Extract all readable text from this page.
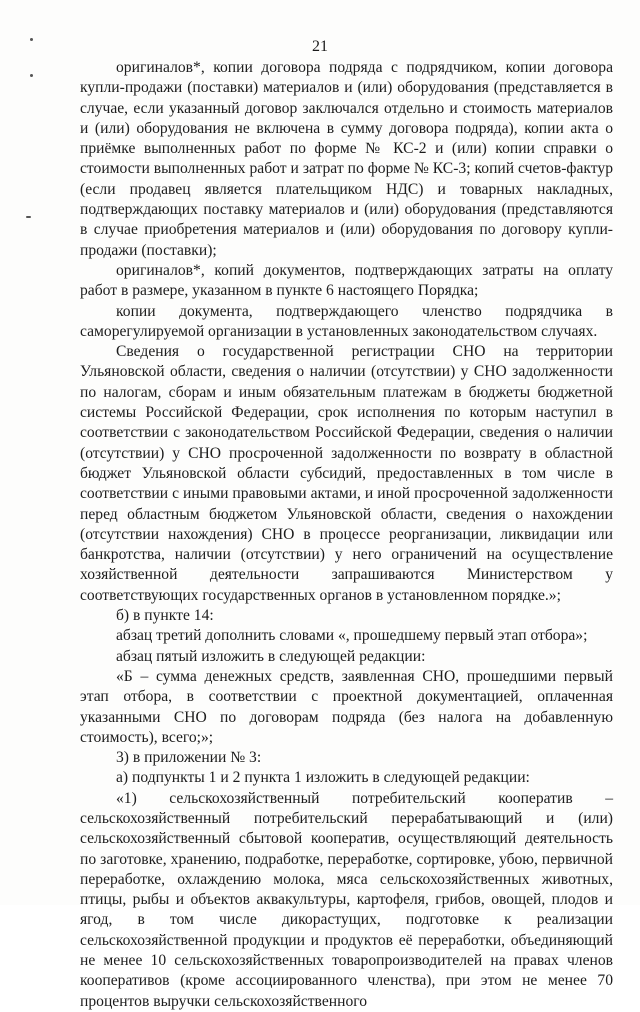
21

оригиналов*, копии договора подряда с подрядчиком, копии договора купли-продажи (поставки) материалов и (или) оборудования (представляется в случае, если указанный договор заключался отдельно и стоимость материалов и (или) оборудования не включена в сумму договора подряда), копии акта о приёмке выполненных работ по форме № КС-2 и (или) копии справки о стоимости выполненных работ и затрат по форме № КС-3; копий счетов-фактур (если продавец является плательщиком НДС) и товарных накладных, подтверждающих поставку материалов и (или) оборудования (представляются в случае приобретения материалов и (или) оборудования по договору купли-продажи (поставки);

оригиналов*, копий документов, подтверждающих затраты на оплату работ в размере, указанном в пункте 6 настоящего Порядка;

копии документа, подтверждающего членство подрядчика в саморегулируемой организации в установленных законодательством случаях.

Сведения о государственной регистрации СНО на территории Ульяновской области, сведения о наличии (отсутствии) у СНО задолженности по налогам, сборам и иным обязательным платежам в бюджеты бюджетной системы Российской Федерации, срок исполнения по которым наступил в соответствии с законодательством Российской Федерации, сведения о наличии (отсутствии) у СНО просроченной задолженности по возврату в областной бюджет Ульяновской области субсидий, предоставленных в том числе в соответствии с иными правовыми актами, и иной просроченной задолженности перед областным бюджетом Ульяновской области, сведения о нахождении (отсутствии нахождения) СНО в процессе реорганизации, ликвидации или банкротства, наличии (отсутствии) у него ограничений на осуществление хозяйственной деятельности запрашиваются Министерством у соответствующих государственных органов в установленном порядке.»;

б) в пункте 14:

абзац третий дополнить словами «, прошедшему первый этап отбора»;

абзац пятый изложить в следующей редакции:

«Б – сумма денежных средств, заявленная СНО, прошедшими первый этап отбора, в соответствии с проектной документацией, оплаченная указанными СНО по договорам подряда (без налога на добавленную стоимость), всего;»;

3) в приложении № 3:

а) подпункты 1 и 2 пункта 1 изложить в следующей редакции:

«1) сельскохозяйственный потребительский кооператив – сельскохозяйственный потребительский перерабатывающий и (или) сельскохозяйственный сбытовой кооператив, осуществляющий деятельность по заготовке, хранению, подработке, переработке, сортировке, убою, первичной переработке, охлаждению молока, мяса сельскохозяйственных животных, птицы, рыбы и объектов аквакультуры, картофеля, грибов, овощей, плодов и ягод, в том числе дикорастущих, подготовке к реализации сельскохозяйственной продукции и продуктов её переработки, объединяющий не менее 10 сельскохозяйственных товаропроизводителей на правах членов кооперативов (кроме ассоциированного членства), при этом не менее 70 процентов выручки сельскохозяйственного
